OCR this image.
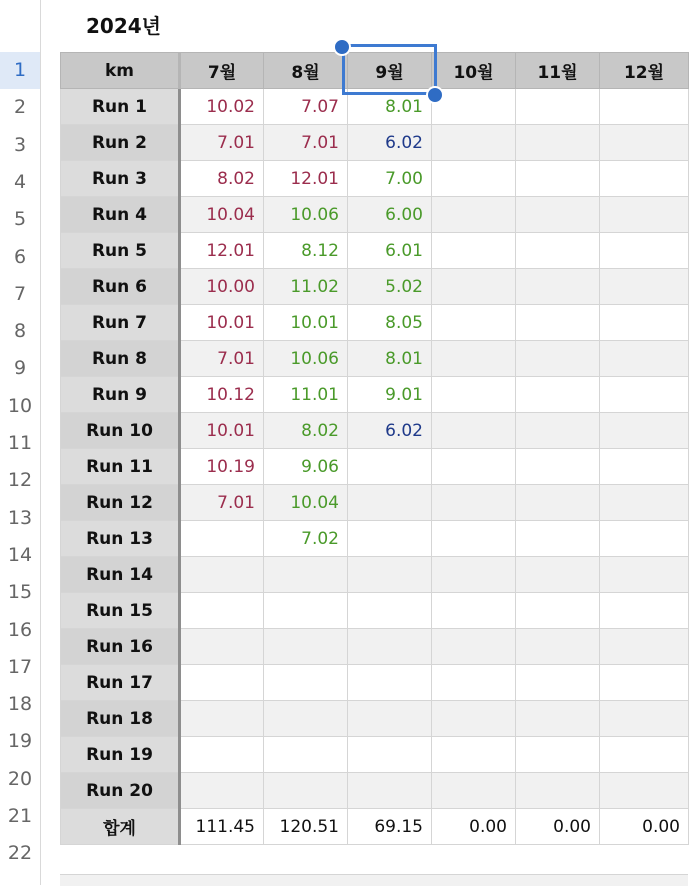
2024년
1
2
3
4
5
6
7
8
9
10
11
12
13
14
15
16
17
18
19
20
21
22
km	7월	8월	9월	10월	11월	12월
Run 1	10.02	7.07	8.01			
Run 2	7.01	7.01	6.02			
Run 3	8.02	12.01	7.00			
Run 4	10.04	10.06	6.00			
Run 5	12.01	8.12	6.01			
Run 6	10.00	11.02	5.02			
Run 7	10.01	10.01	8.05			
Run 8	7.01	10.06	8.01			
Run 9	10.12	11.01	9.01			
Run 10	10.01	8.02	6.02			
Run 11	10.19	9.06				
Run 12	7.01	10.04				
Run 13		7.02				
Run 14						
Run 15						
Run 16						
Run 17						
Run 18						
Run 19						
Run 20						
합계	111.45	120.51	69.15	0.00	0.00	0.00
